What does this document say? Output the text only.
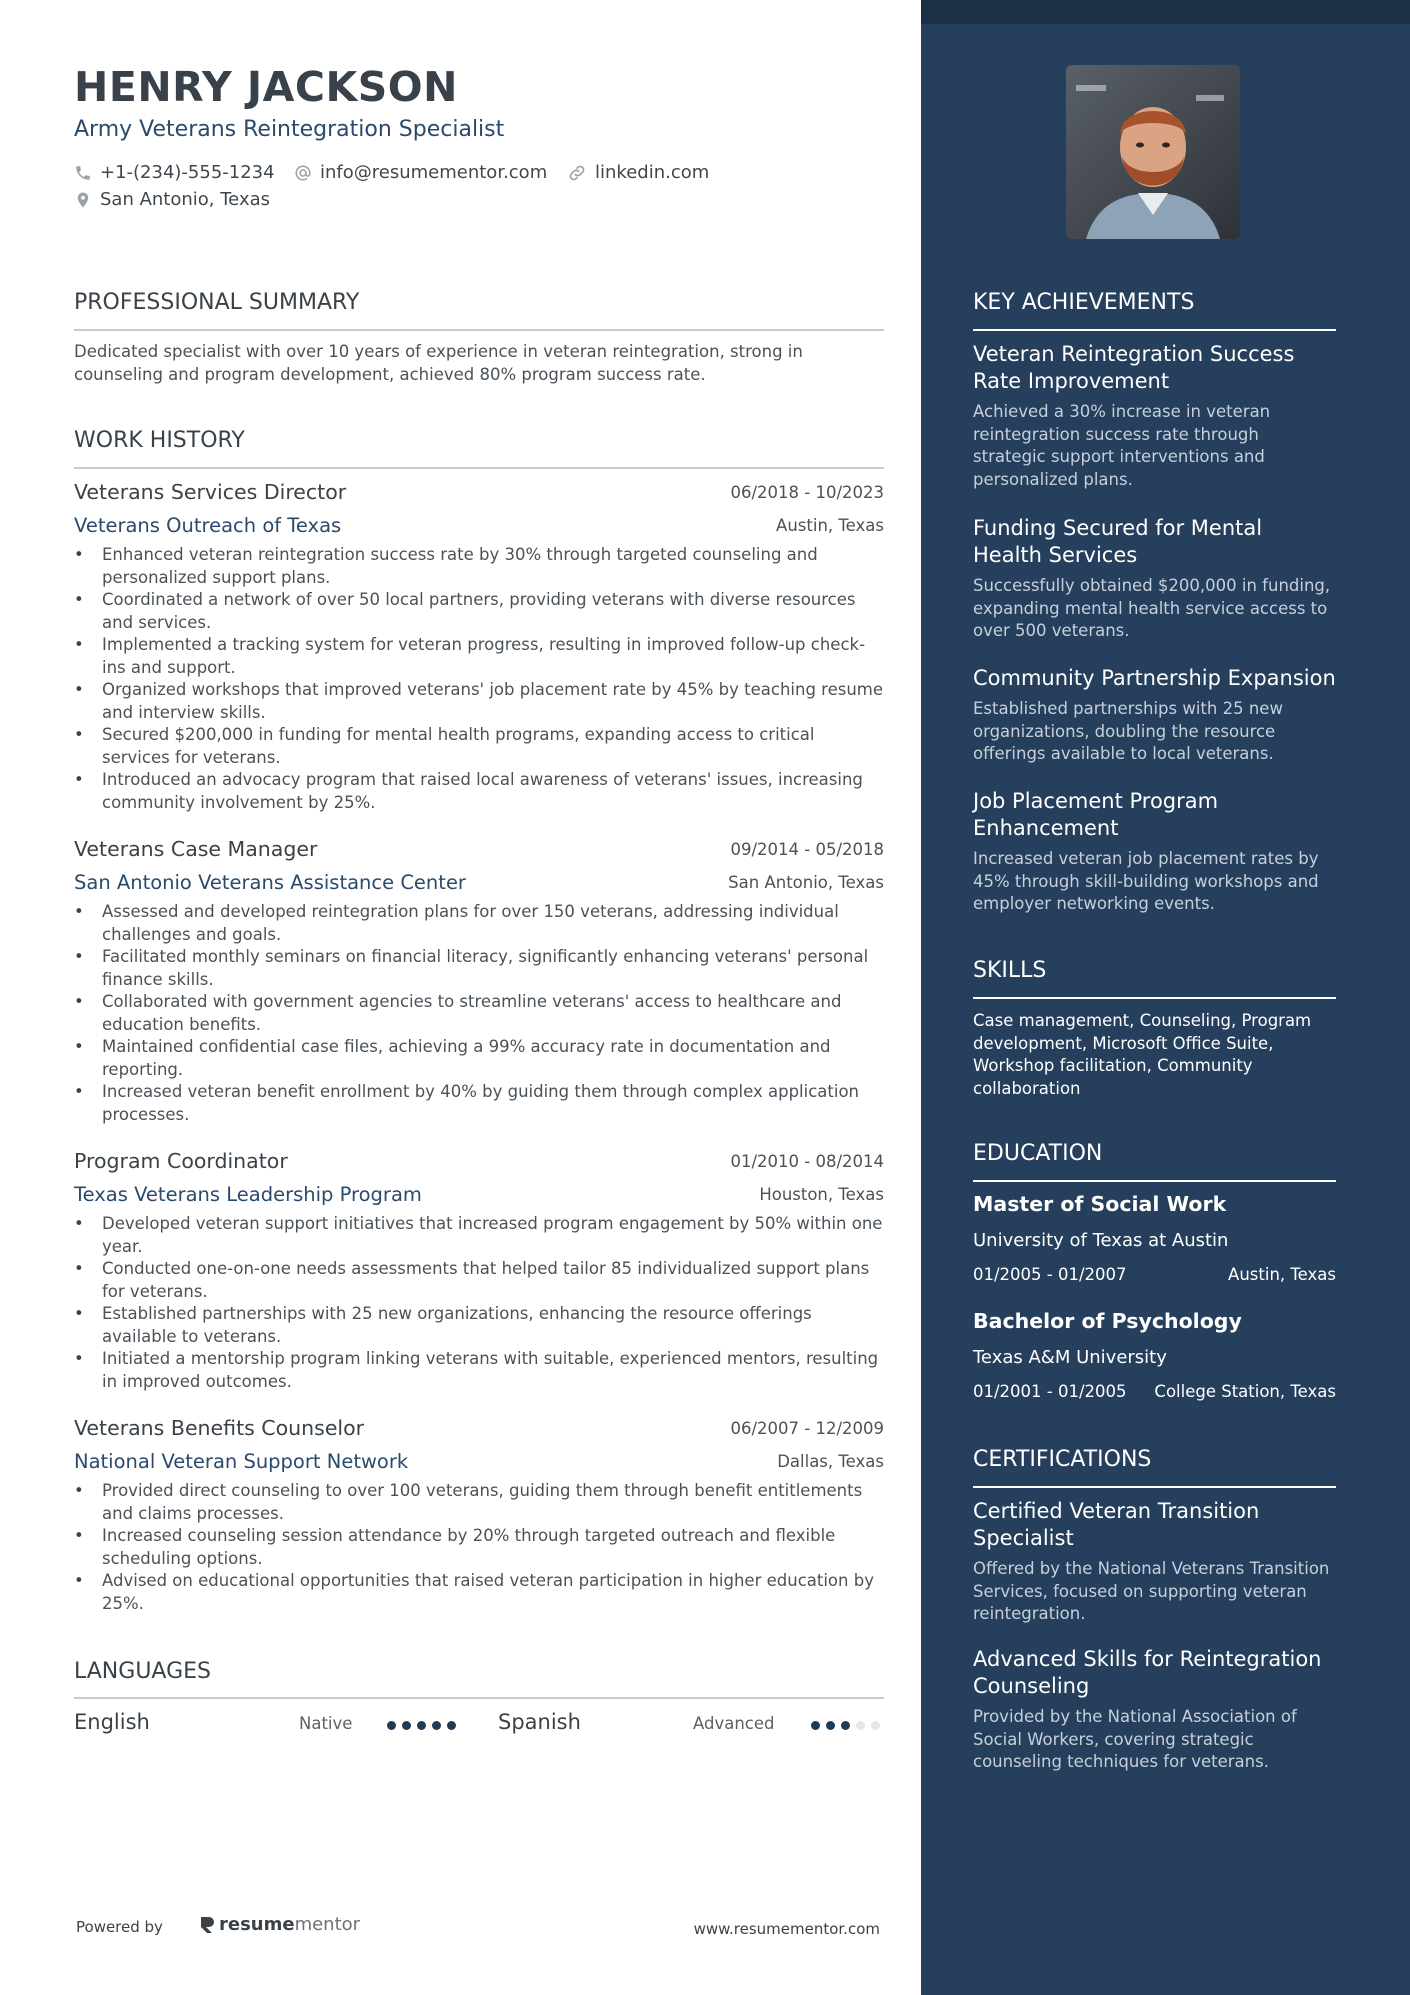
HENRY JACKSON
Army Veterans Reintegration Specialist
+1-(234)-555-1234	info@resumementor.com	linkedin.com
San Antonio, Texas
PROFESSIONAL SUMMARY
Dedicated specialist with over 10 years of experience in veteran reintegration, strong in counseling and program development, achieved 80% program success rate.
WORK HISTORY
Veterans Services Director	06/2018 - 10/2023
Veterans Outreach of Texas	Austin, Texas
• Enhanced veteran reintegration success rate by 30% through targeted counseling and personalized support plans.
• Coordinated a network of over 50 local partners, providing veterans with diverse resources and services.
• Implemented a tracking system for veteran progress, resulting in improved follow-up check-ins and support.
• Organized workshops that improved veterans' job placement rate by 45% by teaching resume and interview skills.
• Secured $200,000 in funding for mental health programs, expanding access to critical services for veterans.
• Introduced an advocacy program that raised local awareness of veterans' issues, increasing community involvement by 25%.
Veterans Case Manager	09/2014 - 05/2018
San Antonio Veterans Assistance Center	San Antonio, Texas
• Assessed and developed reintegration plans for over 150 veterans, addressing individual challenges and goals.
• Facilitated monthly seminars on financial literacy, significantly enhancing veterans' personal finance skills.
• Collaborated with government agencies to streamline veterans' access to healthcare and education benefits.
• Maintained confidential case files, achieving a 99% accuracy rate in documentation and reporting.
• Increased veteran benefit enrollment by 40% by guiding them through complex application processes.
Program Coordinator	01/2010 - 08/2014
Texas Veterans Leadership Program	Houston, Texas
• Developed veteran support initiatives that increased program engagement by 50% within one year.
• Conducted one-on-one needs assessments that helped tailor 85 individualized support plans for veterans.
• Established partnerships with 25 new organizations, enhancing the resource offerings available to veterans.
• Initiated a mentorship program linking veterans with suitable, experienced mentors, resulting in improved outcomes.
Veterans Benefits Counselor	06/2007 - 12/2009
National Veteran Support Network	Dallas, Texas
• Provided direct counseling to over 100 veterans, guiding them through benefit entitlements and claims processes.
• Increased counseling session attendance by 20% through targeted outreach and flexible scheduling options.
• Advised on educational opportunities that raised veteran participation in higher education by 25%.
LANGUAGES
English	Native	Spanish	Advanced
Powered by	resume mentor	www.resumementor.com
KEY ACHIEVEMENTS
Veteran Reintegration Success Rate Improvement
Achieved a 30% increase in veteran reintegration success rate through strategic support interventions and personalized plans.
Funding Secured for Mental Health Services
Successfully obtained $200,000 in funding, expanding mental health service access to over 500 veterans.
Community Partnership Expansion
Established partnerships with 25 new organizations, doubling the resource offerings available to local veterans.
Job Placement Program Enhancement
Increased veteran job placement rates by 45% through skill-building workshops and employer networking events.
SKILLS
Case management, Counseling, Program development, Microsoft Office Suite, Workshop facilitation, Community collaboration
EDUCATION
Master of Social Work
University of Texas at Austin
01/2005 - 01/2007	Austin, Texas
Bachelor of Psychology
Texas A&M University
01/2001 - 01/2005 College Station, Texas
CERTIFICATIONS
Certified Veteran Transition Specialist
Offered by the National Veterans Transition Services, focused on supporting veteran reintegration.
Advanced Skills for Reintegration Counseling
Provided by the National Association of Social Workers, covering strategic counseling techniques for veterans.
